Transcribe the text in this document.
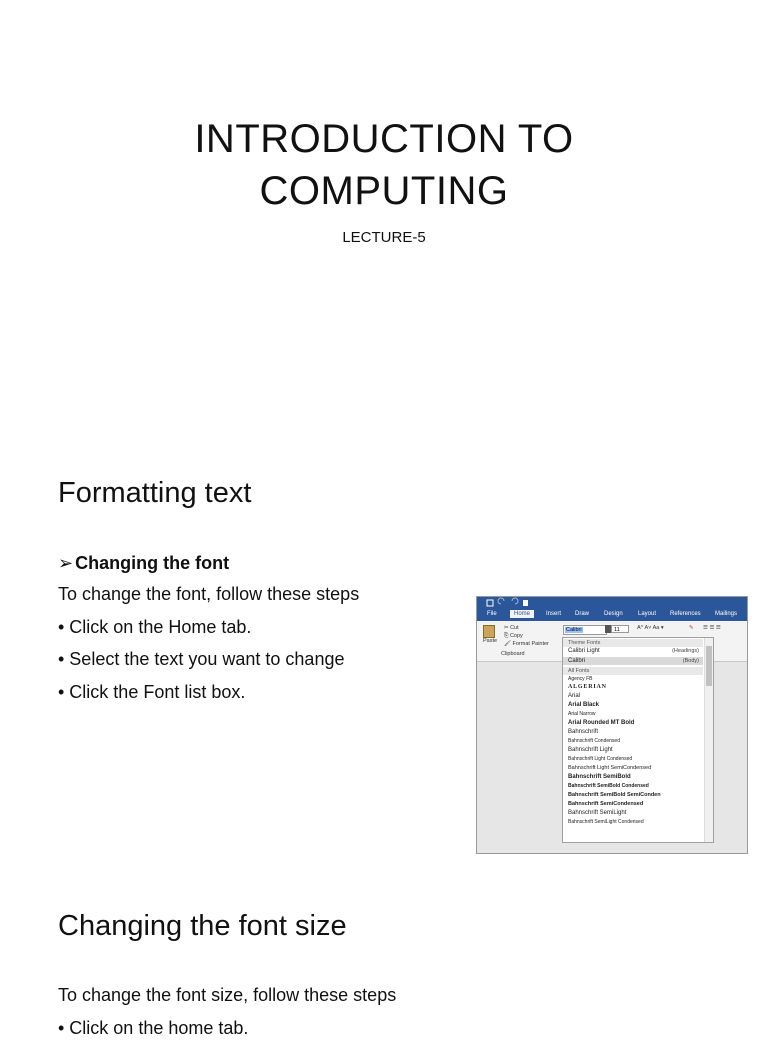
INTRODUCTION TO
COMPUTING
LECTURE-5
Formatting text
➢ Changing the font
To change the font, follow these steps
• Click on the Home tab.
• Select the text you want to change
• Click the Font list box.
File	Home	Insert Draw Design	Layout References Mailings
Paste
✂ Cut
⎘ Copy
🖌 Format Painter
Clipboard
Calibri	11	A^ A˅ Aa ▾	✎ ☰ ☰ ☰
Theme Fonts
Calibri Light	(Headings)
Calibri	(Body)
All Fonts
Agency FB
ALGERIAN
Arial
Arial Black
Arial Narrow
Arial Rounded MT Bold
Bahnschrift
Bahnschrift Condensed
Bahnschrift Light
Bahnschrift Light Condensed
Bahnschrift Light SemiCondensed
Bahnschrift SemiBold
Bahnschrift SemiBold Condensed
Bahnschrift SemiBold SemiConden
Bahnschrift SemiCondensed
Bahnschrift SemiLight
Bahnschrift SemiLight Condensed
Changing the font size
To change the font size, follow these steps
• Click on the home tab.
